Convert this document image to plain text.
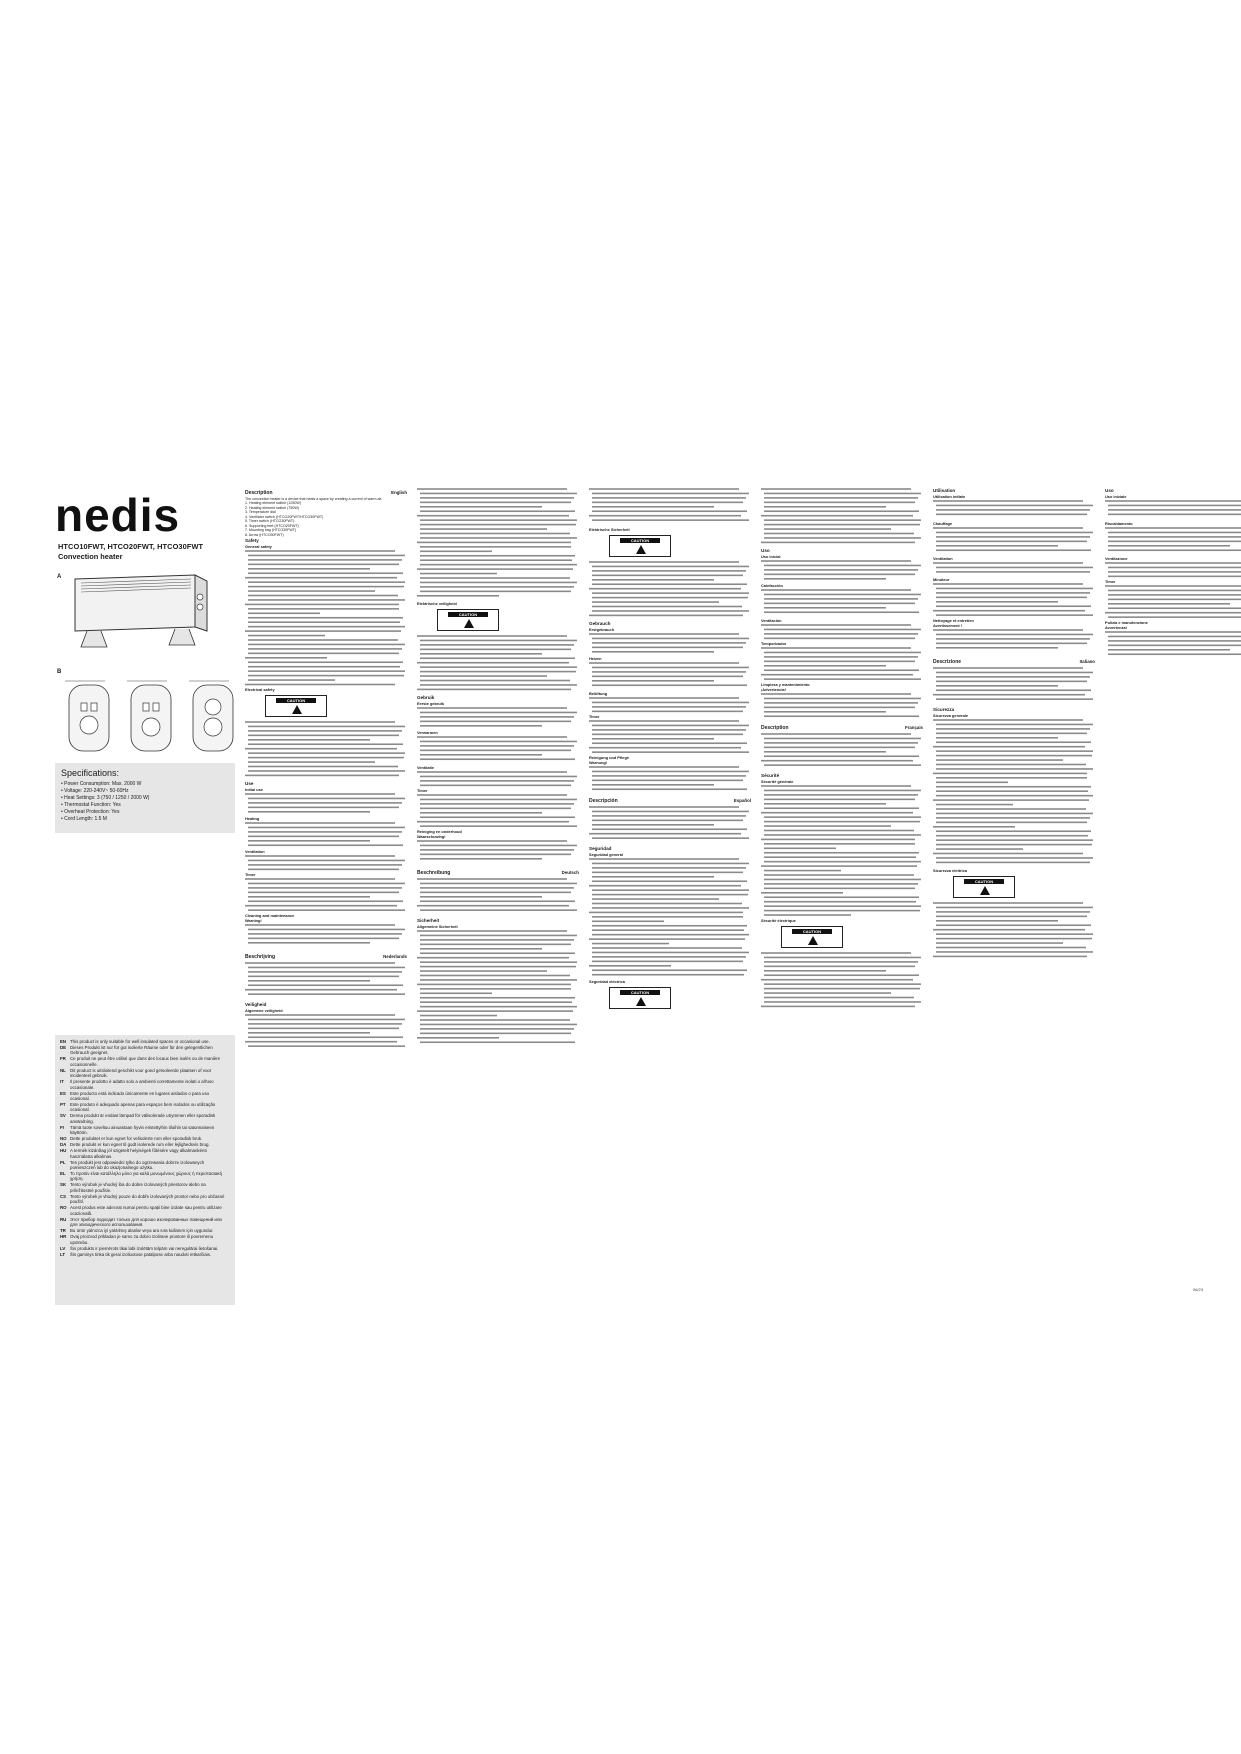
nedis
HTCO10FWT, HTCO20FWT, HTCO30FWT
Convection heater
A
B
Specifications:
• Power Consumption: Max. 2000 W
• Voltage: 220-240V~ 50-60Hz
• Heat Settings: 3 (750 / 1250 / 2000 W)
• Thermostat Function: Yes
• Overheat Protection: Yes
• Cord Length: 1.5 M
EN This product is only suitable for well insulated spaces or occasional use.
DE Dieses Produkt ist nur für gut isolierte Räume oder für den gelegentlichen Gebrauch geeignet.
FR Ce produit ne peut être utilisé que dans des locaux bien isolés ou de manière occasionnelle.
NL Dit product is uitsluitend geschikt voor goed geïsoleerde plaatsen of voor incidenteel gebruik.
IT	Il presente prodotto è adatto solo a ambienti correttamente isolati o all'uso occasionale.
ES Este producto está indicado únicamente en lugares aislados o para uso ocasional.
PT Este produto é adequado apenas para espaços bem isolados ou utilização ocasional.
SV Denna produkt är endast lämpad för välisolerade utrymmen eller sporadisk användning.
FI	Tämä tuote soveltuu ainoastaan hyvin eristettyihin tiloihin tai satunnaiseen käyttöön.
NO Dette produktet er kun egnet for velisolerte rom eller sporadisk bruk.
DA Dette produkt er kun egnet til godt isolerede rum eller lejlighedsvis brug.
HU A termék kizárólag jól szigetelt helyiségek fűtésére vagy alkalmankénti használatra alkalmas.
PL Ten produkt jest odpowiedni tylko do ogrzewania dobrze izolowanych pomieszczeń lub do okazjonalnego użytku.
EL Το προϊόν είναι κατάλληλο μόνο για καλά μονωμένους χώρους ή περιστασιακή χρήση.
SK Tento výrobok je vhodný iba do dobre izolovaných priestorov alebo na príležitostné použitie.
CS Tento výrobek je vhodný pouze do dobře izolovaných prostor nebo pro občasné použití.
RO Acest produs este adecvat numai pentru spații bine izolate sau pentru utilizare ocazională.
RU Этот прибор подходит только для хорошо изолированных помещений или для эпизодического использования.
TR Bu ürün yalnızca iyi yalıtılmış alanlar veya ara sıra kullanım için uygundur.
HR Ovaj proizvod prikladan je samo za dobro izolirane prostore ili povremenu upotrebu.
LV	Šis produkts ir piemērots tikai labi izolētām telpām vai neregulārai lietošanai.
LT	Šis gaminys tinka tik gerai izoliuotose patalpose arba naudoti retkarčiais.
Description	English

The convection heater is a device that heats a space by creating a current of warm air.

1. Heating element switch (1250W)

2. Heating element switch (750W)

3. Temperature dial

4. Ventilator switch (HTCO20FWT/HTCO30FWT)

5. Timer switch (HTCO30FWT)

6. Supporting feet (HTCO20FWT)

7. Mounting bag (HTCO30FWT)

8. Arrow (HTCO30FWT)

Safety
General safety
Electrical safety
CAUTION
Use
Initial use
Heating
Ventilation
Timer
Cleaning and maintenance
Warning!
Beschrijving	Nederlands
Veiligheid
Algemene veiligheid
Elektrische veiligheid
CAUTION
Gebruik
Eerste gebruik
Verwarmen
Ventilatie
Timer
Reiniging en onderhoud
Waarschuwing!
Beschreibung	Deutsch
Sicherheit
Allgemeine Sicherheit
Elektrische Sicherheit
CAUTION
Gebrauch
Erstgebrauch
Heizen
Belüftung
Timer
Reinigung und Pflege
Warnung!
Descripción	Español
Seguridad
Seguridad general
Seguridad eléctrica
CAUTION
Uso
Uso inicial
Calefacción
Ventilación
Temporizador
Limpieza y mantenimiento
¡Advertencia!
Description	Français
Sécurité
Sécurité générale
Sécurité électrique
CAUTION
Utilisation
Utilisation initiale
Chauffage
Ventilation
Minuteur
Nettoyage et entretien
Avertissement !
Descrizione	Italiano
Sicurezza
Sicurezza generale
Sicurezza elettrica
CAUTION
Uso
Uso iniziale
Riscaldamento
Ventilazione
Timer
Pulizia e manutenzione
Avvertenza!
06/23
